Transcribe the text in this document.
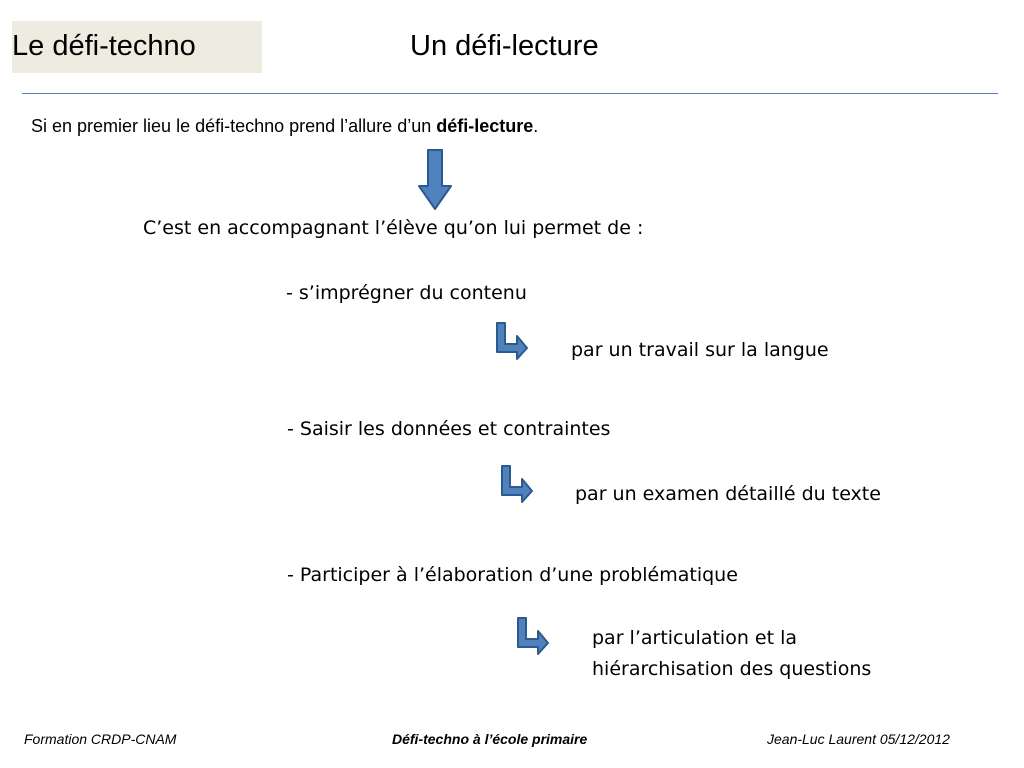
Le défi-techno	Un défi-lecture
Si en premier lieu le défi-techno prend l’allure d’un défi-lecture.
C’est en accompagnant l’élève qu’on lui permet de :
- s’imprégner du contenu
par un travail sur la langue
- Saisir les données et contraintes
par un examen détaillé du texte
- Participer à l’élaboration d’une problématique
par l’articulation et la
hiérarchisation des questions
Formation CRDP-CNAM	Défi-techno à l’école primaire	Jean-Luc Laurent 05/12/2012
